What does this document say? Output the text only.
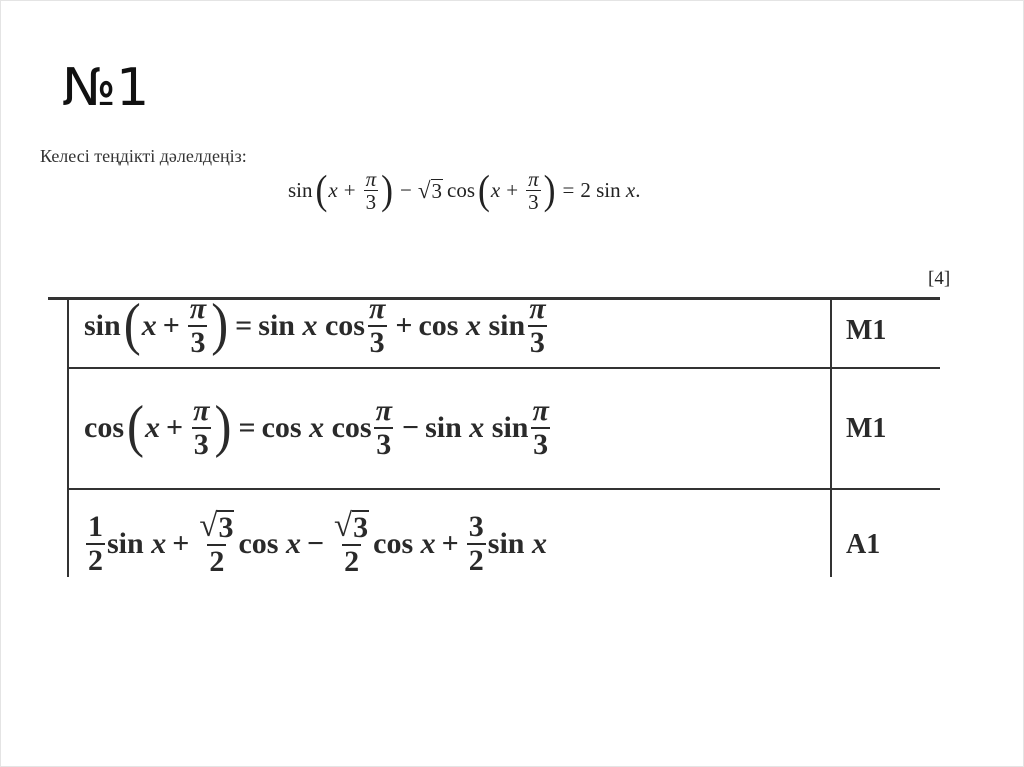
№1
Келесі теңдікті дәлелдеңіз:
sin ( $x + \frac{\pi}{3}$ ) − √ 3 cos ( $x + \frac{\pi}{3}$ ) = 2 sin
x .
[4]
sin ( $x + \frac{\pi}{3}$ ) = sin
x
$\cos \frac{\pi}{3} + \cos$
x
$\sin \frac{\pi}{3}$	M1
cos ( $x + \frac{\pi}{3}$ ) = cos
x
$\cos \frac{\pi}{3} - \sin$
x
$\sin \frac{\pi}{3}$	M1
$\frac{1}{2}$ sin
$x + \frac{√ 3}{2}$ cos
$x - \frac{√ 3}{2}$ cos
$x + \frac{3}{2}$ sin
x	A1
